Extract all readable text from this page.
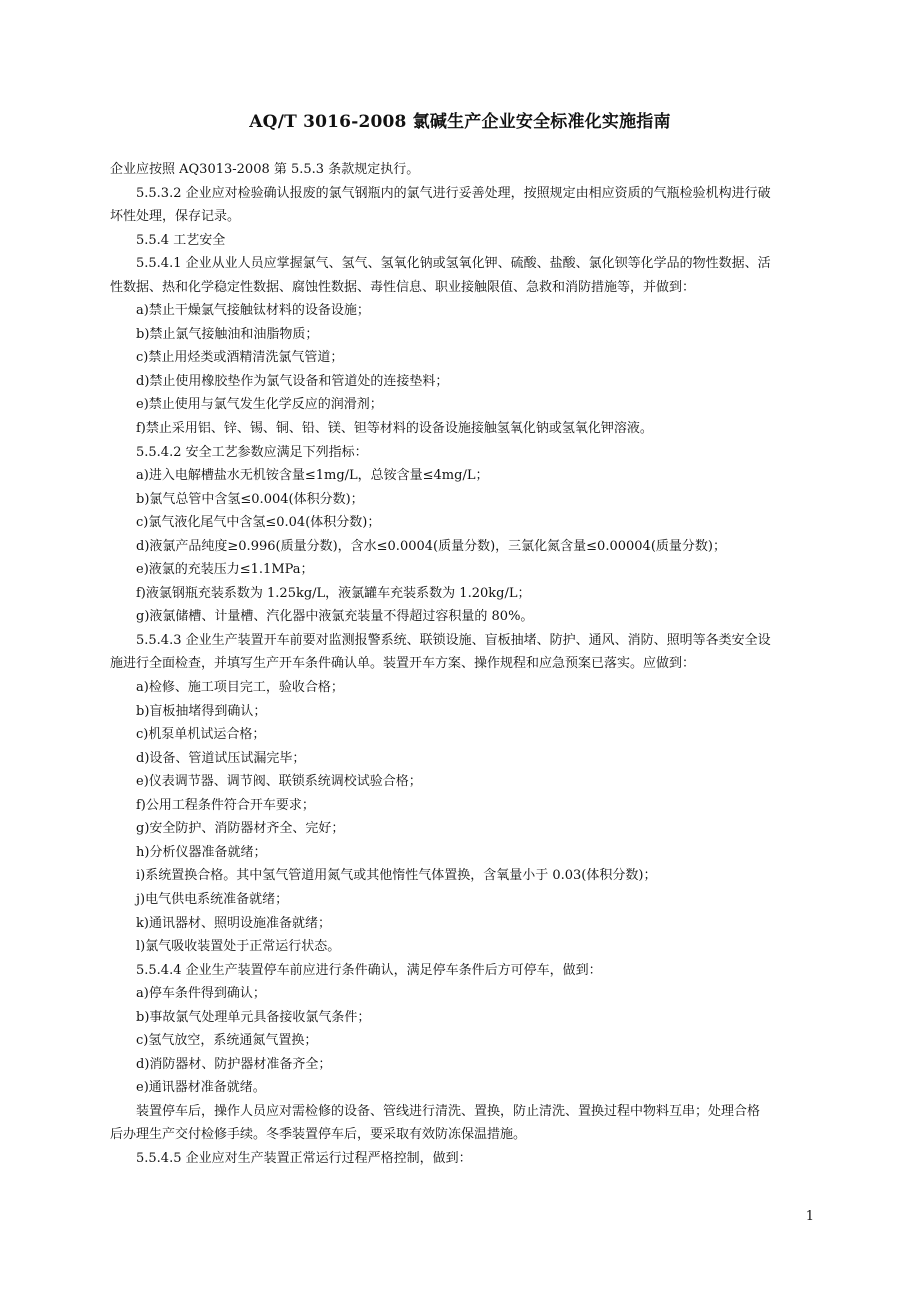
AQ/T 3016-2008 氯碱生产企业安全标准化实施指南
企业应按照 AQ3013-2008 第 5.5.3 条款规定执行。
5.5.3.2 企业应对检验确认报废的氯气钢瓶内的氯气进行妥善处理，按照规定由相应资质的气瓶检验机构进行破
坏性处理，保存记录。
5.5.4 工艺安全
5.5.4.1 企业从业人员应掌握氯气、氢气、氢氧化钠或氢氧化钾、硫酸、盐酸、氯化钡等化学品的物性数据、活
性数据、热和化学稳定性数据、腐蚀性数据、毒性信息、职业接触限值、急救和消防措施等，并做到：
a)禁止干燥氯气接触钛材料的设备设施；
b)禁止氯气接触油和油脂物质；
c)禁止用烃类或酒精清洗氯气管道；
d)禁止使用橡胶垫作为氯气设备和管道处的连接垫料；
e)禁止使用与氯气发生化学反应的润滑剂；
f)禁止采用铝、锌、锡、铜、铅、镁、钽等材料的设备设施接触氢氧化钠或氢氧化钾溶液。
5.5.4.2 安全工艺参数应满足下列指标：
a)进入电解槽盐水无机铵含量≤1mg/L，总铵含量≤4mg/L；
b)氯气总管中含氢≤0.004(体积分数)；
c)氯气液化尾气中含氢≤0.04(体积分数)；
d)液氯产品纯度≥0.996(质量分数)，含水≤0.0004(质量分数)，三氯化氮含量≤0.00004(质量分数)；
e)液氯的充装压力≤1.1MPa；
f)液氯钢瓶充装系数为 1.25kg/L，液氯罐车充装系数为 1.20kg/L；
g)液氯储槽、计量槽、汽化器中液氯充装量不得超过容积量的 80%。
5.5.4.3 企业生产装置开车前要对监测报警系统、联锁设施、盲板抽堵、防护、通风、消防、照明等各类安全设
施进行全面检查，并填写生产开车条件确认单。装置开车方案、操作规程和应急预案已落实。应做到：
a)检修、施工项目完工，验收合格；
b)盲板抽堵得到确认；
c)机泵单机试运合格；
d)设备、管道试压试漏完毕；
e)仪表调节器、调节阀、联锁系统调校试验合格；
f)公用工程条件符合开车要求；
g)安全防护、消防器材齐全、完好；
h)分析仪器准备就绪；
i)系统置换合格。其中氢气管道用氮气或其他惰性气体置换，含氧量小于 0.03(体积分数)；
j)电气供电系统准备就绪；
k)通讯器材、照明设施准备就绪；
l)氯气吸收装置处于正常运行状态。
5.5.4.4 企业生产装置停车前应进行条件确认，满足停车条件后方可停车，做到：
a)停车条件得到确认；
b)事故氯气处理单元具备接收氯气条件；
c)氢气放空，系统通氮气置换；
d)消防器材、防护器材准备齐全；
e)通讯器材准备就绪。
装置停车后，操作人员应对需检修的设备、管线进行清洗、置换，防止清洗、置换过程中物料互串；处理合格
后办理生产交付检修手续。冬季装置停车后，要采取有效防冻保温措施。
5.5.4.5 企业应对生产装置正常运行过程严格控制，做到：
1
